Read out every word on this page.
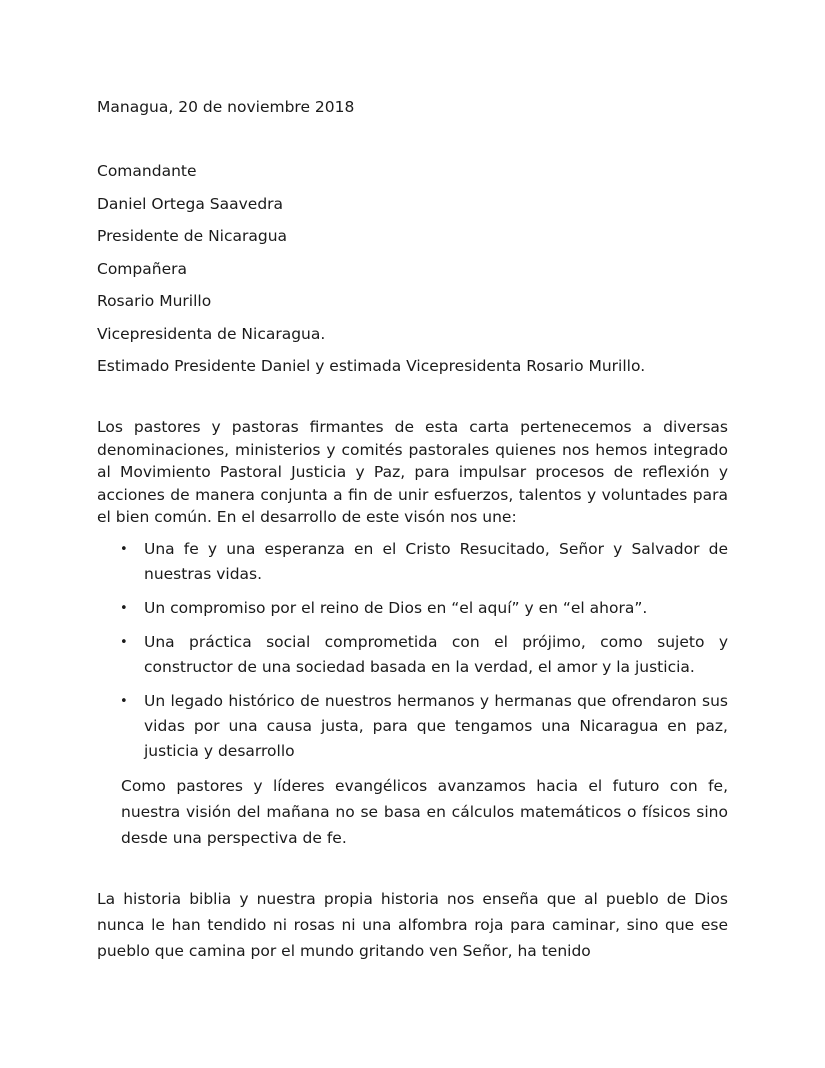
Managua, 20 de noviembre 2018
Comandante
Daniel Ortega Saavedra
Presidente de Nicaragua
Compañera
Rosario Murillo
Vicepresidenta de Nicaragua.
Estimado Presidente Daniel y estimada Vicepresidenta Rosario Murillo.
Los pastores y pastoras firmantes de esta carta pertenecemos a diversas denominaciones, ministerios y comités pastorales quienes nos hemos integrado al Movimiento Pastoral Justicia y Paz, para impulsar procesos de reflexión y acciones de manera conjunta a fin de unir esfuerzos, talentos y voluntades para el bien común. En el desarrollo de este visón nos une:
• Una fe y una esperanza en el Cristo Resucitado, Señor y Salvador de nuestras vidas.
• Un compromiso por el reino de Dios en “el aquí” y en “el ahora”.
• Una práctica social comprometida con el prójimo, como sujeto y constructor de una sociedad basada en la verdad, el amor y la justicia.
• Un legado histórico de nuestros hermanos y hermanas que ofrendaron sus vidas por una causa justa, para que tengamos una Nicaragua en paz, justicia y desarrollo
Como pastores y líderes evangélicos avanzamos hacia el futuro con fe, nuestra visión del mañana no se basa en cálculos matemáticos o físicos sino desde una perspectiva de fe.
La historia biblia y nuestra propia historia nos enseña que al pueblo de Dios nunca le han tendido ni rosas ni una alfombra roja para caminar, sino que ese pueblo que camina por el mundo gritando ven Señor, ha tenido
